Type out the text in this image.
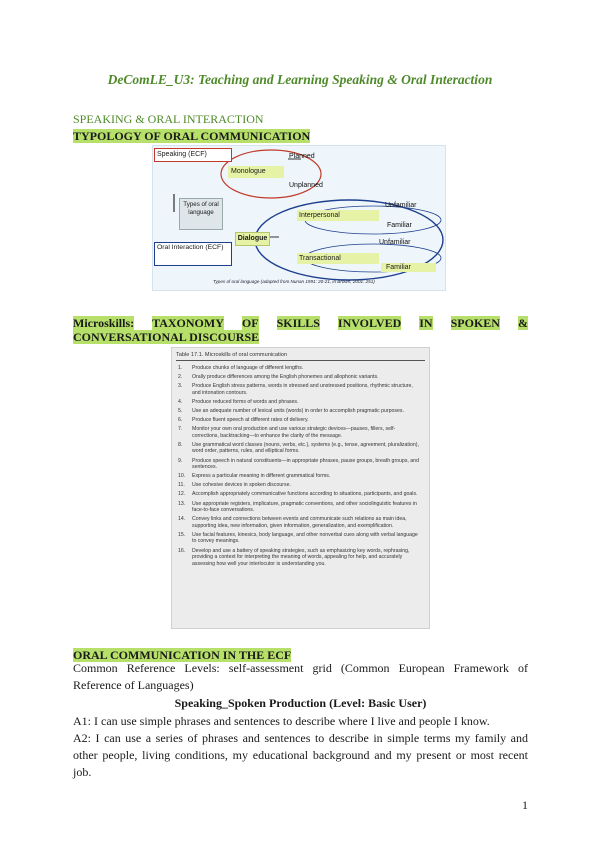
DeComLE_U3: Teaching and Learning Speaking & Oral Interaction
SPEAKING & ORAL INTERACTION
TYPOLOGY OF ORAL COMMUNICATION
Speaking (ECF)	Planned
Monologue
Unplanned
Types of oral language
Unfamiliar
Interpersonal
Familiar
Dialogue
Unfamiliar
Oral Interaction (ECF)
Transactional
Familiar
Types of oral language (adapted from Nunan 1991: 20-21, in Brown, 2001: 251)
Microskills: TAXONOMY OF SKILLS INVOLVED IN SPOKEN &
CONVERSATIONAL DISCOURSE
Table 17.1. Microskills of oral communication
1. Produce chunks of language of different lengths.
2. Orally produce differences among the English phonemes and allophonic variants.
3. Produce English stress patterns, words in stressed and unstressed positions, rhythmic structure, and intonation contours.
4. Produce reduced forms of words and phrases.
5. Use an adequate number of lexical units (words) in order to accomplish pragmatic purposes.
6. Produce fluent speech at different rates of delivery.
7. Monitor your own oral production and use various strategic devices—pauses, fillers, self-corrections, backtracking—to enhance the clarity of the message.
8. Use grammatical word classes (nouns, verbs, etc.), systems (e.g., tense, agreement, pluralization), word order, patterns, rules, and elliptical forms.
9. Produce speech in natural constituents—in appropriate phrases, pause groups, breath groups, and sentences.
10. Express a particular meaning in different grammatical forms.
11. Use cohesive devices in spoken discourse.
12. Accomplish appropriately communicative functions according to situations, participants, and goals.
13. Use appropriate registers, implicature, pragmatic conventions, and other sociolinguistic features in face-to-face conversations.
14. Convey links and connections between events and communicate such relations as main idea, supporting idea, new information, given information, generalization, and exemplification.
15. Use facial features, kinesics, body language, and other nonverbal cues along with verbal language to convey meanings.
16. Develop and use a battery of speaking strategies, such as emphasizing key words, rephrasing, providing a context for interpreting the meaning of words, appealing for help, and accurately assessing how well your interlocutor is understanding you.
ORAL COMMUNICATION IN THE ECF
Common Reference Levels: self-assessment grid (Common European Framework of Reference of Languages)
Speaking_Spoken Production (Level: Basic User)
A1: I can use simple phrases and sentences to describe where I live and people I know.
A2: I can use a series of phrases and sentences to describe in simple terms my family and other people, living conditions, my educational background and my present or most recent job.
1
